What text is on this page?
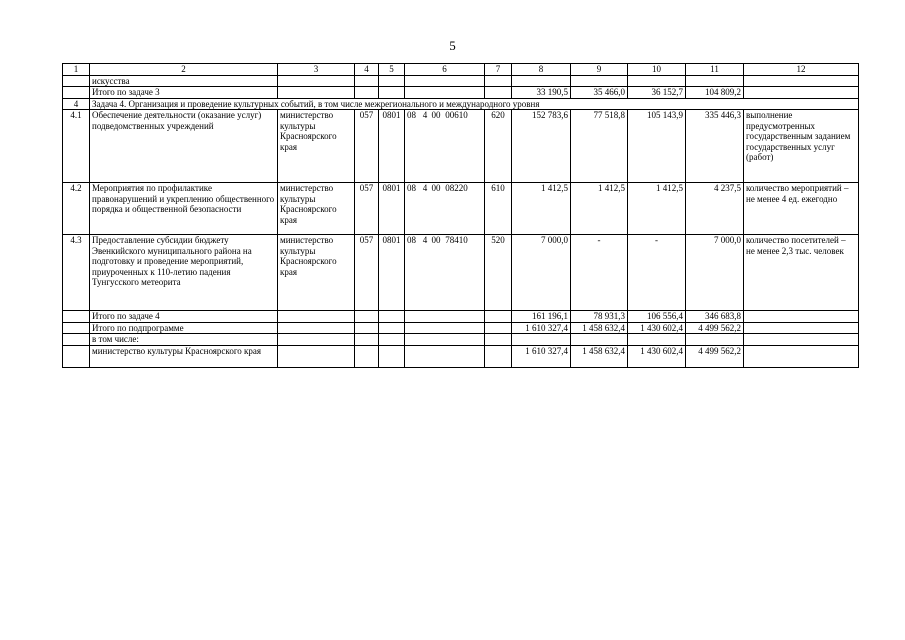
5
1	2	3	4	5	6	7	8	9	10	11	12
	искусства										
	Итого по задаче 3						33 190,5	35 466,0	36 152,7	104 809,2	
4	Задача 4. Организация и проведение культурных событий, в том числе межрегионального и международного уровня										
4.1	Обеспечение деятельности (оказание услуг) подведомственных учреждений	министерство культуры Красноярского края	057	0801	08 4 00 00610	620	152 783,6	77 518,8	105 143,9	335 446,3	выполнение предусмотренных государственным заданием государственных услуг (работ)
4.2	Мероприятия по профилактике правонарушений и укреплению общественного порядка и общественной безопасности	министерство культуры Красноярского края	057	0801	08 4 00 08220	610	1 412,5	1 412,5	1 412,5	4 237,5	количество мероприятий – не менее 4 ед. ежегодно
4.3	Предоставление субсидии бюджету Эвенкийского муниципального района на подготовку и проведение мероприятий, приуроченных к 110-летию падения Тунгусского метеорита	министерство культуры Красноярского края	057	0801	08 4 00 78410	520	7 000,0	-	-	7 000,0	количество посетителей – не менее 2,3 тыс. человек
	Итого по задаче 4						161 196,1	78 931,3	106 556,4	346 683,8	
	Итого по подпрограмме						1 610 327,4	1 458 632,4	1 430 602,4	4 499 562,2	
	в том числе:										
	министерство культуры Красноярского края						1 610 327,4	1 458 632,4	1 430 602,4	4 499 562,2	
